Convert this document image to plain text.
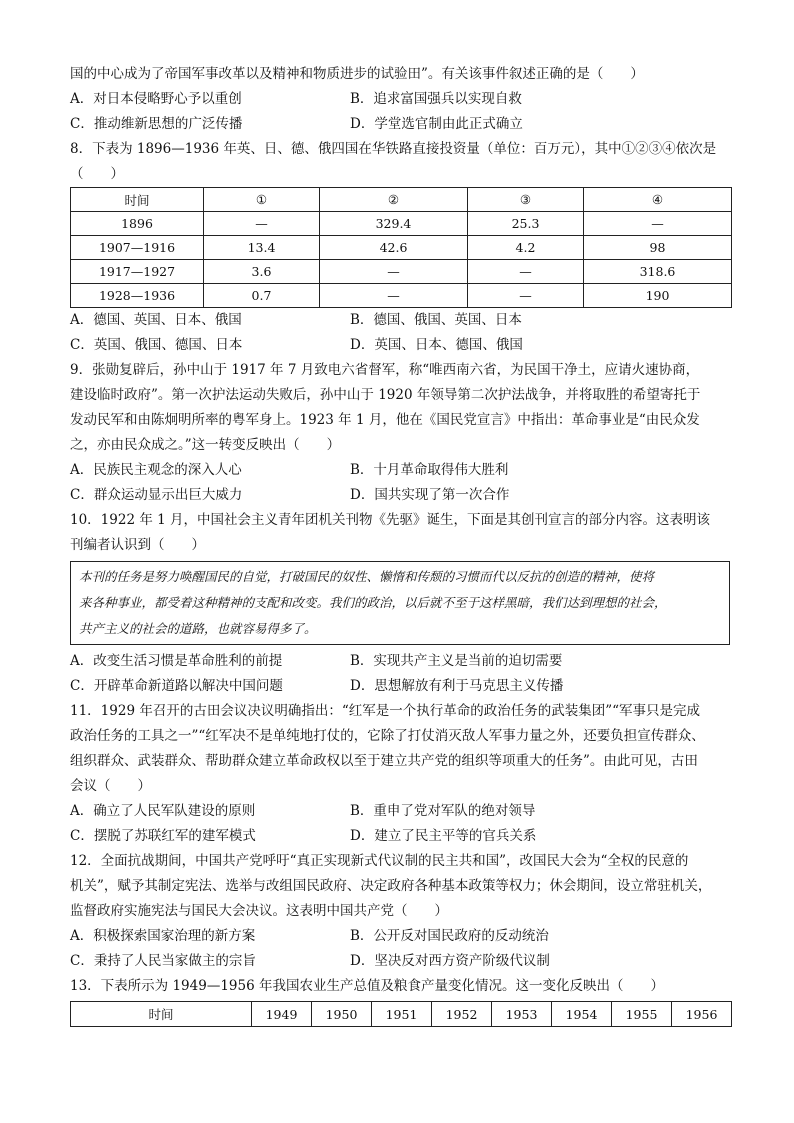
国的中心成为了帝国军事改革以及精神和物质进步的试验田”。有关该事件叙述正确的是（　　）
A．对日本侵略野心予以重创	B．追求富国强兵以实现自救
C．推动维新思想的广泛传播	D．学堂选官制由此正式确立
8．下表为 1896—1936 年英、日、德、俄四国在华铁路直接投资量（单位：百万元），其中①②③④依次是
（　　）
时间	①	②	③	④
1896	—	329.4	25.3	—
1907—1916	13.4	42.6	4.2	98
1917—1927	3.6	—	—	318.6
1928—1936	0.7	—	—	190
A．德国、英国、日本、俄国	B．德国、俄国、英国、日本
C．英国、俄国、德国、日本	D．英国、日本、德国、俄国
9．张勋复辟后，孙中山于 1917 年 7 月致电六省督军，称“唯西南六省，为民国干净土，应请火速协商，
建设临时政府”。第一次护法运动失败后，孙中山于 1920 年领导第二次护法战争，并将取胜的希望寄托于
发动民军和由陈炯明所率的粤军身上。1923 年 1 月，他在《国民党宣言》中指出：革命事业是“由民众发
之，亦由民众成之。”这一转变反映出（　　）
A．民族民主观念的深入人心	B．十月革命取得伟大胜利
C．群众运动显示出巨大威力	D．国共实现了第一次合作
10．1922 年 1 月，中国社会主义青年团机关刊物《先驱》诞生，下面是其创刊宣言的部分内容。这表明该
刊编者认识到（　　）
本刊的任务是努力唤醒国民的自觉，打破国民的奴性、懒惰和传颓的习惯而代以反抗的创造的精神，使将
来各种事业，都受着这种精神的支配和改变。我们的政治，以后就不至于这样黑暗，我们达到理想的社会，
共产主义的社会的道路，也就容易得多了。
A．改变生活习惯是革命胜利的前提	B．实现共产主义是当前的迫切需要
C．开辟革命新道路以解决中国问题	D．思想解放有利于马克思主义传播
11．1929 年召开的古田会议决议明确指出：“红军是一个执行革命的政治任务的武装集团”“军事只是完成
政治任务的工具之一”“红军决不是单纯地打仗的，它除了打仗消灭敌人军事力量之外，还要负担宣传群众、
组织群众、武装群众、帮助群众建立革命政权以至于建立共产党的组织等项重大的任务”。由此可见，古田
会议（　　）
A．确立了人民军队建设的原则	B．重申了党对军队的绝对领导
C．摆脱了苏联红军的建军模式	D．建立了民主平等的官兵关系
12．全面抗战期间，中国共产党呼吁“真正实现新式代议制的民主共和国”，改国民大会为“全权的民意的
机关”，赋予其制定宪法、选举与改组国民政府、决定政府各种基本政策等权力；休会期间，设立常驻机关，
监督政府实施宪法与国民大会决议。这表明中国共产党（　　）
A．积极探索国家治理的新方案	B．公开反对国民政府的反动统治
C．秉持了人民当家做主的宗旨	D．坚决反对西方资产阶级代议制
13．下表所示为 1949—1956 年我国农业生产总值及粮食产量变化情况。这一变化反映出（　　）
时间	1949	1950	1951	1952	1953	1954	1955	1956
